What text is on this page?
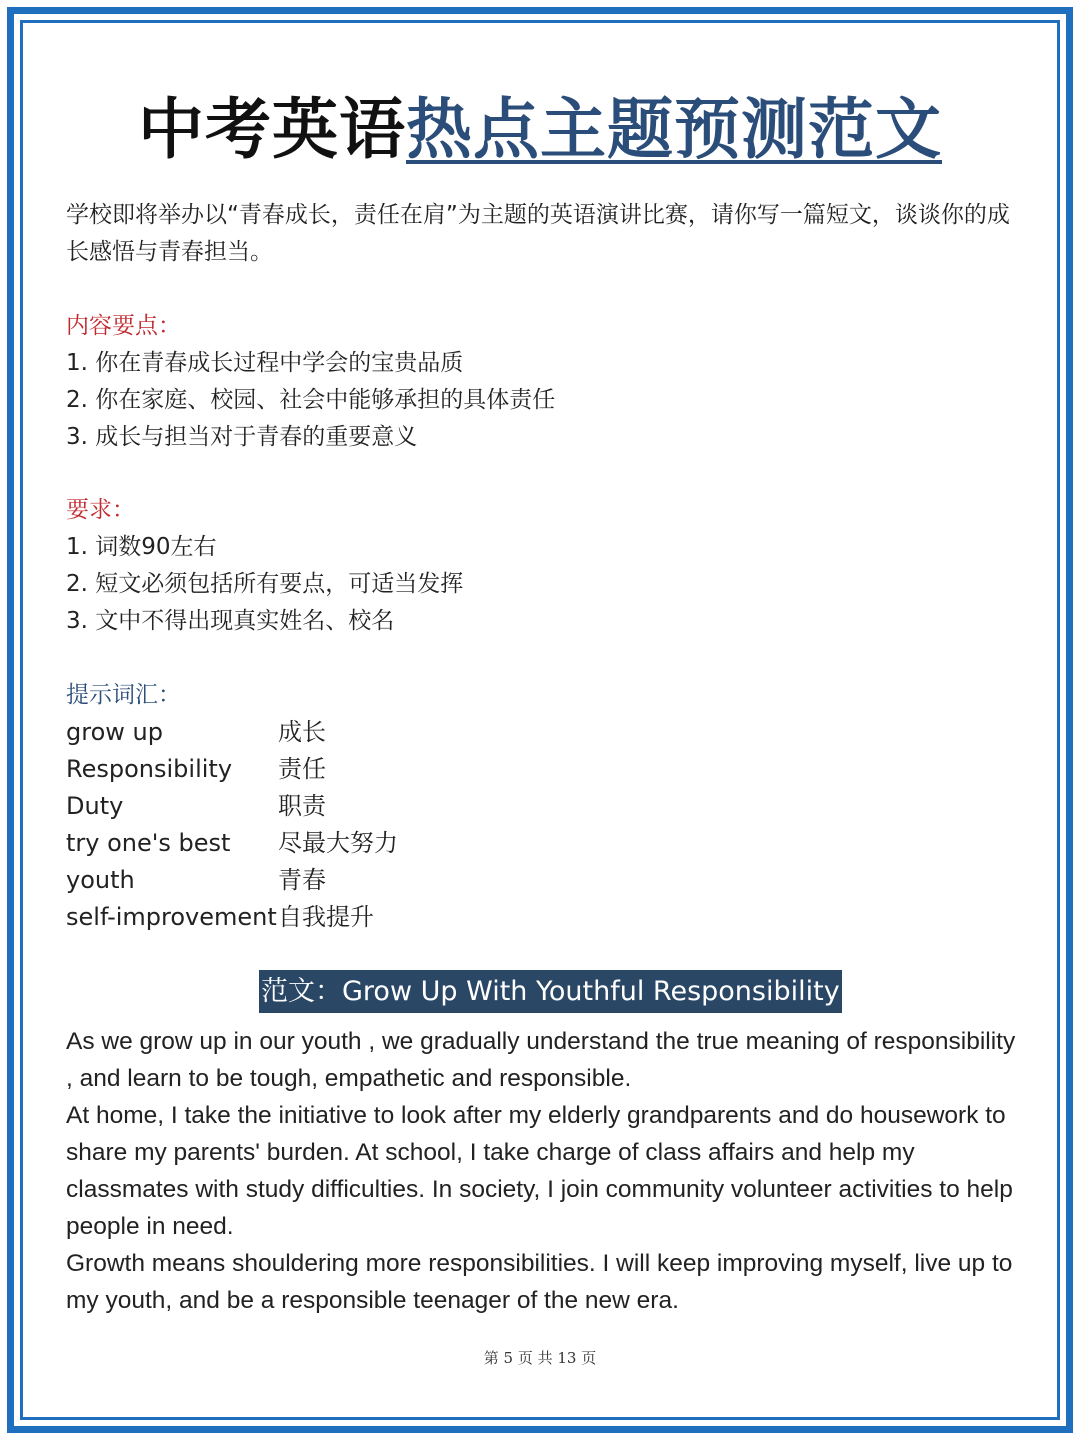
中考英语热点主题预测范文
学校即将举办以“青春成长，责任在肩”为主题的英语演讲比赛，请你写一篇短文，谈谈你的成长感悟与青春担当。
内容要点：
1. 你在青春成长过程中学会的宝贵品质
2. 你在家庭、校园、社会中能够承担的具体责任
3. 成长与担当对于青春的重要意义
要求：
1. 词数90左右
2. 短文必须包括所有要点，可适当发挥
3. 文中不得出现真实姓名、校名
提示词汇：
grow up	成长
Responsibility 责任
Duty	职责
try one's best 尽最大努力
youth	青春
self-improvement 自我提升
范文：Grow Up With Youthful Responsibility

As we grow up in our youth , we gradually understand the true meaning of responsibility , and learn to be tough, empathetic and responsible.

At home, I take the initiative to look after my elderly grandparents and do housework to share my parents' burden. At school, I take charge of class affairs and help my classmates with study difficulties. In society, I join community volunteer activities to help people in need.

Growth means shouldering more responsibilities. I will keep improving myself, live up to my youth, and be a responsible teenager of the new era.

第 5 页 共 13 页
